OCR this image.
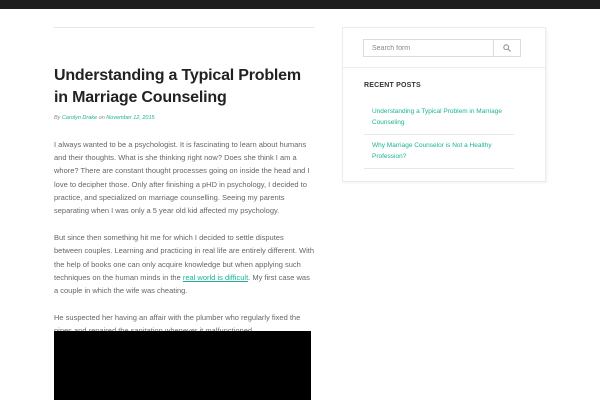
Understanding a Typical Problem in Marriage Counseling
By Carolyn Drake on November 12, 2015

I always wanted to be a psychologist. It is fascinating to learn about humans and their thoughts. What is she thinking right now? Does she think I am a whore? There are constant thought processes going on inside the head and I love to decipher those. Only after finishing a pHD in psychology, I decided to practice, and specialized on marriage counselling. Seeing my parents separating when I was only a 5 year old kid affected my psychology.

But since then something hit me for which I decided to settle disputes between couples. Learning and practicing in real life are entirely different. With the help of books one can only acquire knowledge but when applying such techniques on the human minds in the real world is difficult. My first case was a couple in which the wife was cheating.

He suspected her having an affair with the plumber who regularly fixed the

Search form
RECENT POSTS
Understanding a Typical Problem in Marriage Counseling
Why Marriage Counselor is Not a Healthy Profession?
